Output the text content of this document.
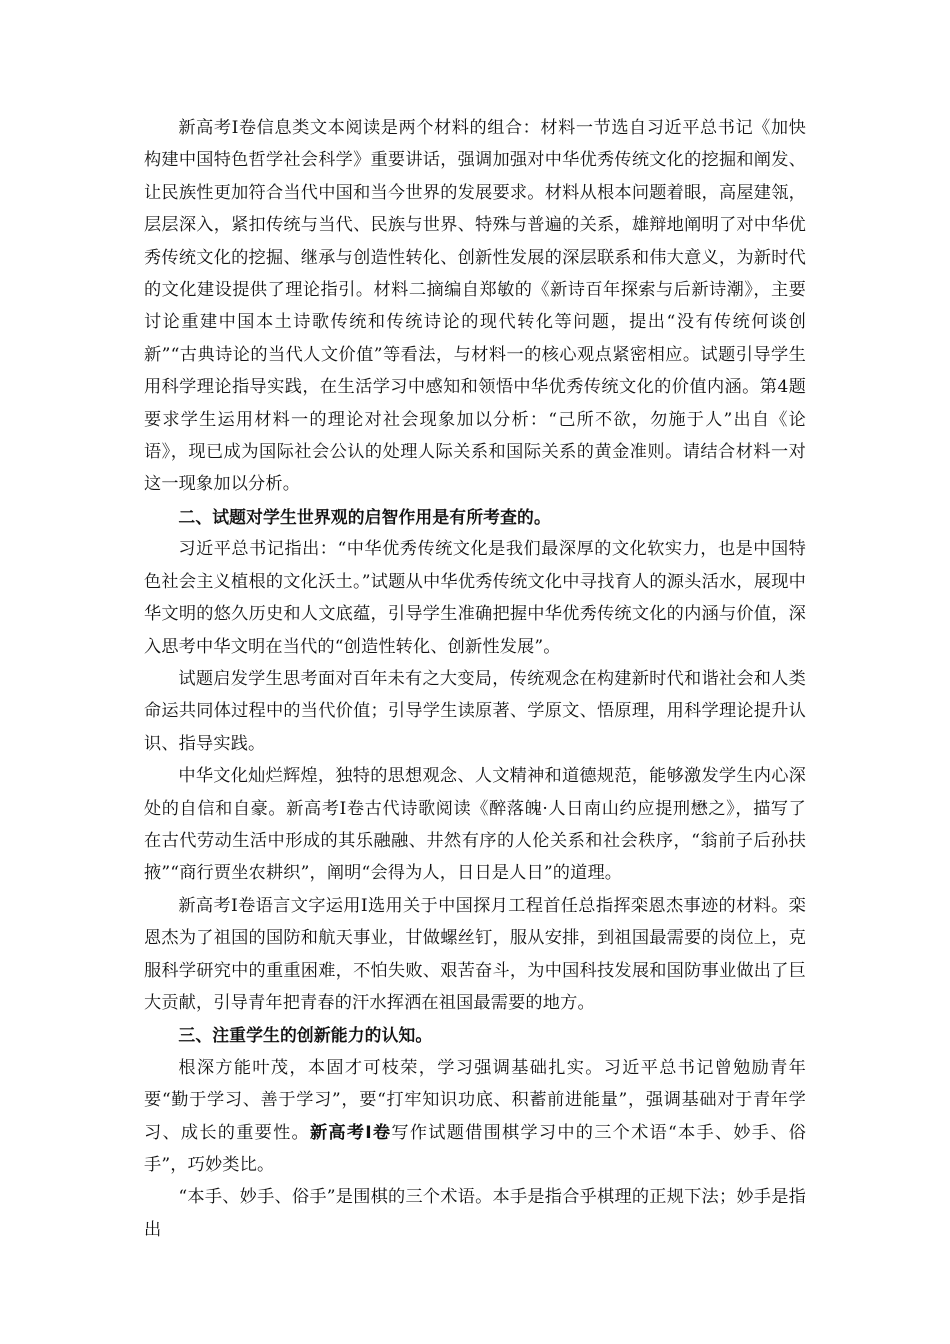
新高考Ⅰ卷信息类文本阅读是两个材料的组合：材料一节选自习近平总书记《加快构建中国特色哲学社会科学》重要讲话，强调加强对中华优秀传统文化的挖掘和阐发、让民族性更加符合当代中国和当今世界的发展要求。材料从根本问题着眼，高屋建瓴，层层深入，紧扣传统与当代、民族与世界、特殊与普遍的关系，雄辩地阐明了对中华优秀传统文化的挖掘、继承与创造性转化、创新性发展的深层联系和伟大意义，为新时代的文化建设提供了理论指引。材料二摘编自郑敏的《新诗百年探索与后新诗潮》，主要讨论重建中国本土诗歌传统和传统诗论的现代转化等问题，提出“没有传统何谈创新”“古典诗论的当代人文价值”等看法，与材料一的核心观点紧密相应。试题引导学生用科学理论指导实践，在生活学习中感知和领悟中华优秀传统文化的价值内涵。第4题要求学生运用材料一的理论对社会现象加以分析：“己所不欲，勿施于人”出自《论语》，现已成为国际社会公认的处理人际关系和国际关系的黄金准则。请结合材料一对这一现象加以分析。

二、试题对学生世界观的启智作用是有所考查的。

习近平总书记指出：“中华优秀传统文化是我们最深厚的文化软实力，也是中国特色社会主义植根的文化沃土。”试题从中华优秀传统文化中寻找育人的源头活水，展现中华文明的悠久历史和人文底蕴，引导学生准确把握中华优秀传统文化的内涵与价值，深入思考中华文明在当代的“创造性转化、创新性发展”。

试题启发学生思考面对百年未有之大变局，传统观念在构建新时代和谐社会和人类命运共同体过程中的当代价值；引导学生读原著、学原文、悟原理，用科学理论提升认识、指导实践。

中华文化灿烂辉煌，独特的思想观念、人文精神和道德规范，能够激发学生内心深处的自信和自豪。新高考Ⅰ卷古代诗歌阅读《醉落魄·人日南山约应提刑懋之》，描写了在古代劳动生活中形成的其乐融融、井然有序的人伦关系和社会秩序，“翁前子后孙扶掖”“商行贾坐农耕织”，阐明“会得为人，日日是人日”的道理。

新高考Ⅰ卷语言文字运用Ⅰ选用关于中国探月工程首任总指挥栾恩杰事迹的材料。栾恩杰为了祖国的国防和航天事业，甘做螺丝钉，服从安排，到祖国最需要的岗位上，克服科学研究中的重重困难，不怕失败、艰苦奋斗，为中国科技发展和国防事业做出了巨大贡献，引导青年把青春的汗水挥洒在祖国最需要的地方。

三、注重学生的创新能力的认知。

根深方能叶茂，本固才可枝荣，学习强调基础扎实。习近平总书记曾勉励青年要“勤于学习、善于学习”，要“打牢知识功底、积蓄前进能量”，强调基础对于青年学习、成长的重要性。新高考Ⅰ卷写作试题借围棋学习中的三个术语“本手、妙手、俗手”，巧妙类比。

“本手、妙手、俗手”是围棋的三个术语。本手是指合乎棋理的正规下法；妙手是指出
